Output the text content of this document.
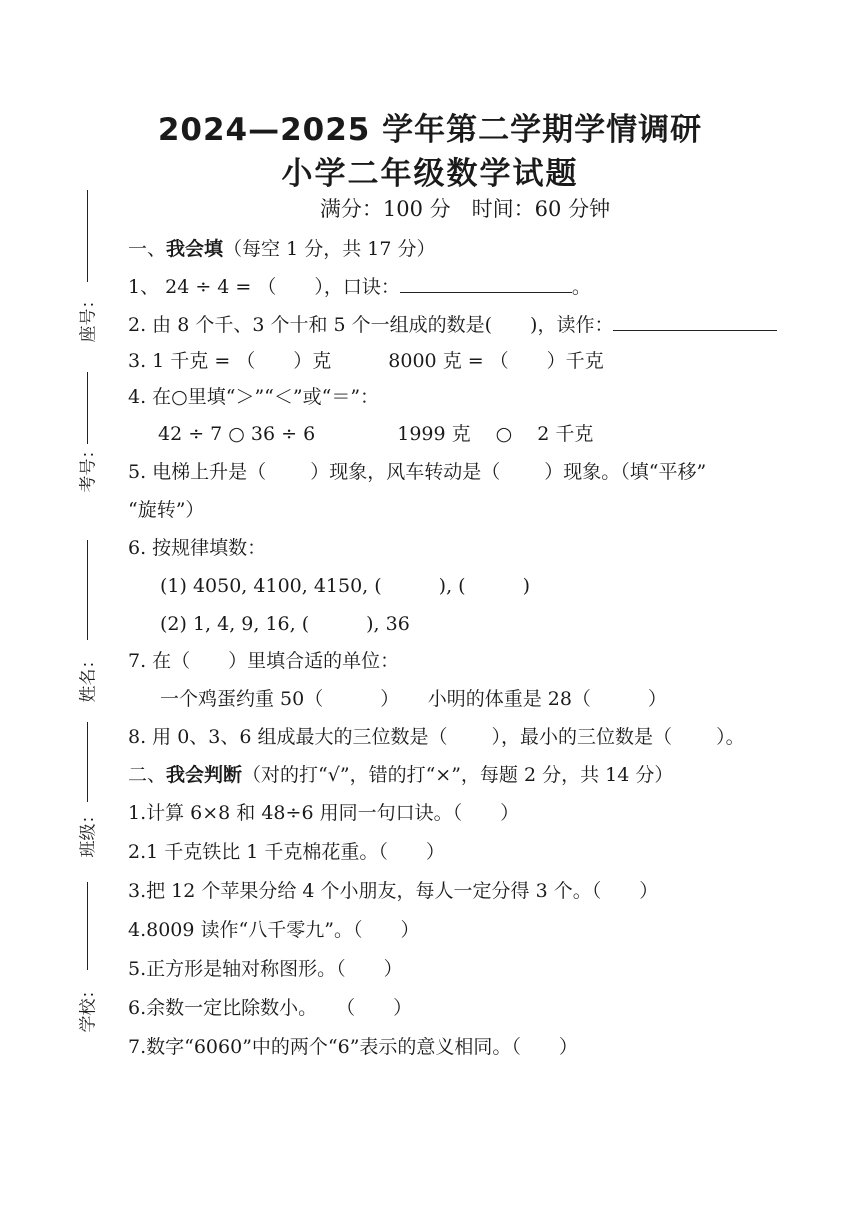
座号：
考号：
姓名：
班级：
学校：
2024—2025 学年第二学期学情调研
小学二年级数学试题
满分：100 分　时间：60 分钟
一、我会填（每空 1 分，共 17 分）
1、 24 ÷ 4 = （　　），口诀：	。
2. 由 8 个千、3 个十和 5 个一组成的数是(　　)，读作：
3. 1 千克 = （　　）克　　　8000 克 = （　　）千克
4. 在○里填“＞”“＜”或“＝”：
42 ÷ 7 ○ 36 ÷ 6　　　　 1999 克　 ○　 2 千克
5. 电梯上升是（　　 ）现象，风车转动是（　　 ）现象。（填“平移”
“旋转”）
6. 按规律填数：
(1) 4050, 4100, 4150, (　　　), (　　　)
(2) 1, 4, 9, 16, (　　　), 36
7. 在（　　）里填合适的单位：
一个鸡蛋约重 50（　　　）　　小明的体重是 28（　　　）
8. 用 0、3、6 组成最大的三位数是（　　 ），最小的三位数是（　　 ）。
二、我会判断（对的打“√”，错的打“×”，每题 2 分，共 14 分）
1.计算 6×8 和 48÷6 用同一句口诀。（　　）
2.1 千克铁比 1 千克棉花重。（　　）
3.把 12 个苹果分给 4 个小朋友，每人一定分得 3 个。（　　）
4.8009 读作“八千零九”。（　　）
5.正方形是轴对称图形。（　　）
6.余数一定比除数小。　　（　　）
7.数字“6060”中的两个“6”表示的意义相同。（　　）
